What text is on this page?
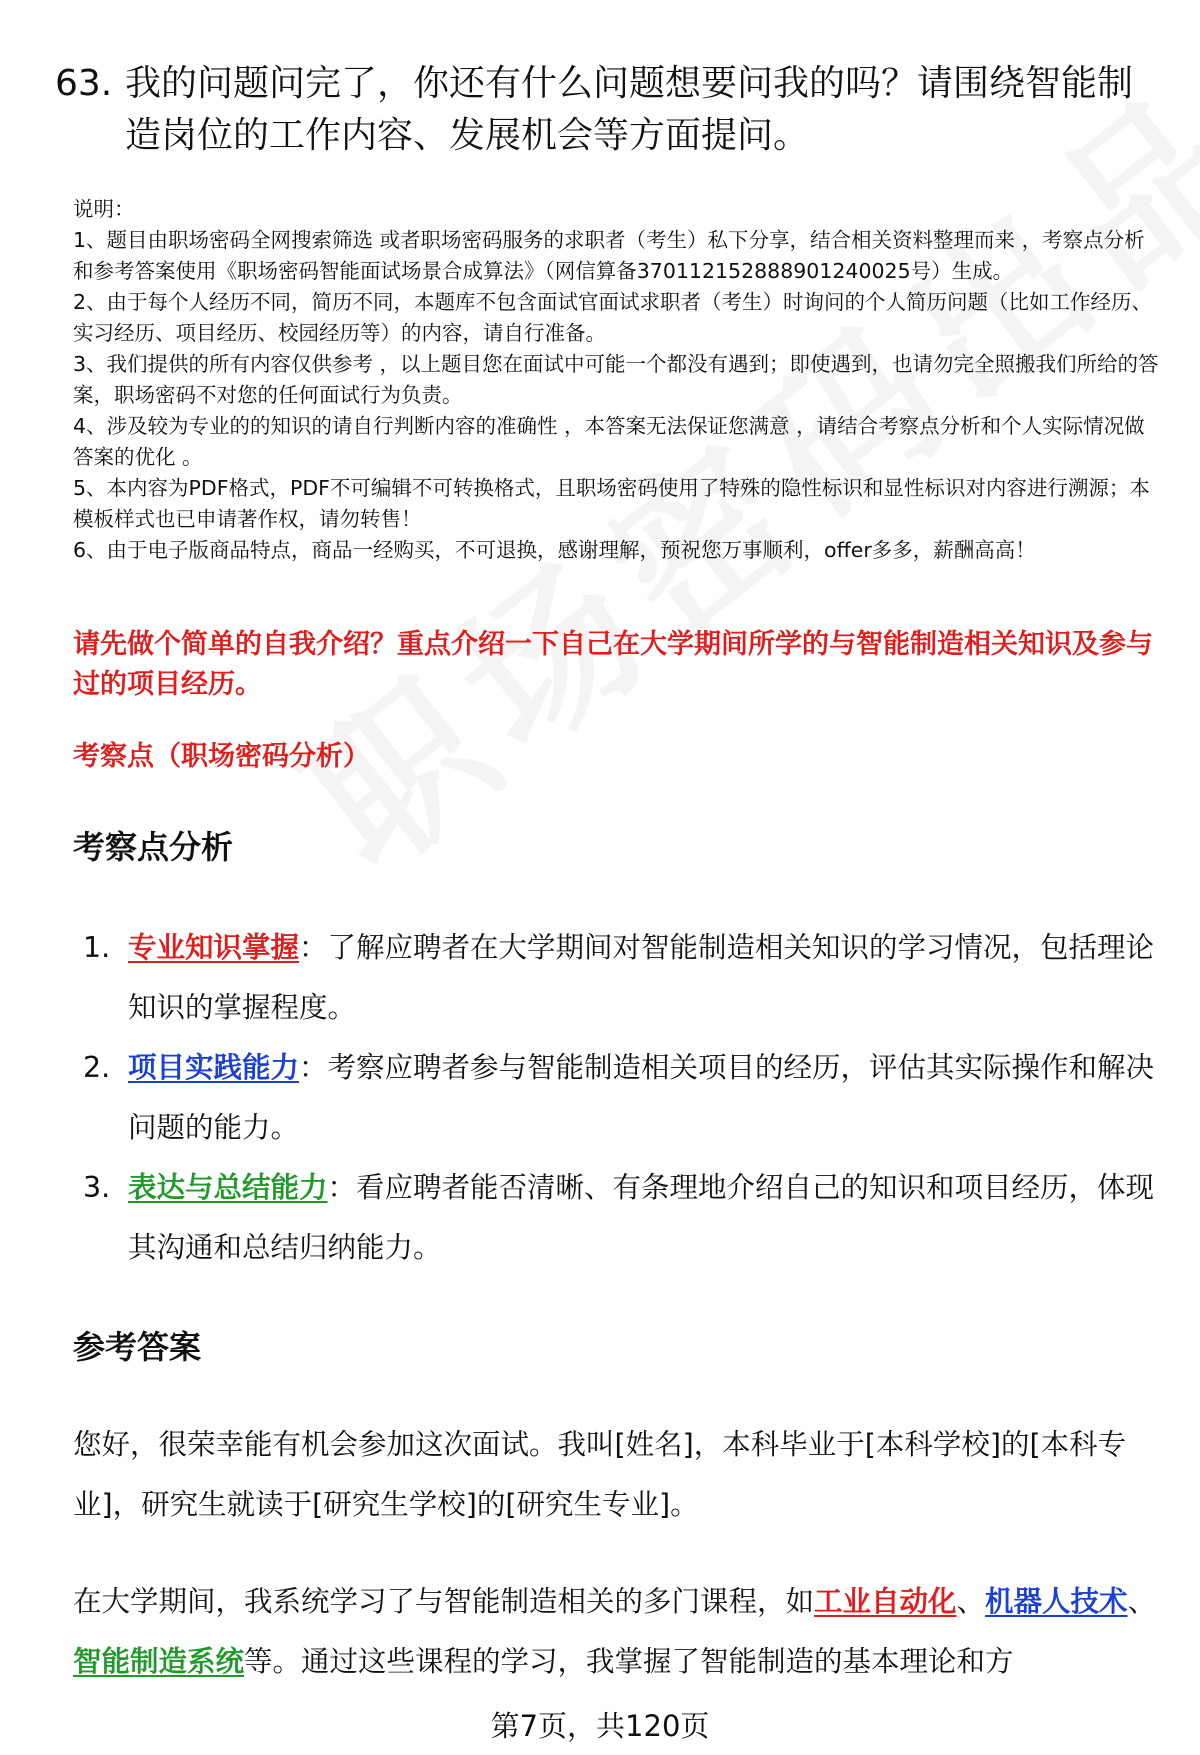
63. 我的问题问完了，你还有什么问题想要问我的吗？请围绕智能制造岗位的工作内容、发展机会等方面提问。

说明：

1、题目由职场密码全网搜索筛选 或者职场密码服务的求职者（考生）私下分享，结合相关资料整理而来 ，考察点分析和参考答案使用《职场密码智能面试场景合成算法》（网信算备370112152888901240025号）生成。

2、由于每个人经历不同，简历不同，本题库不包含面试官面试求职者（考生）时询问的个人简历问题（比如工作经历、实习经历、项目经历、校园经历等）的内容，请自行准备。

3、我们提供的所有内容仅供参考 ，以上题目您在面试中可能一个都没有遇到；即使遇到，也请勿完全照搬我们所给的答案，职场密码不对您的任何面试行为负责。

4、涉及较为专业的的知识的请自行判断内容的准确性 ，本答案无法保证您满意 ，请结合考察点分析和个人实际情况做答案的优化 。

5、本内容为PDF格式，PDF不可编辑不可转换格式，且职场密码使用了特殊的隐性标识和显性标识对内容进行溯源；本模板样式也已申请著作权，请勿转售！

6、由于电子版商品特点，商品一经购买，不可退换，感谢理解，预祝您万事顺利，offer多多，薪酬高高！

请先做个简单的自我介绍？重点介绍一下自己在大学期间所学的与智能制造相关知识及参与过的项目经历。
考察点（职场密码分析）
考察点分析
1. 专业知识掌握：了解应聘者在大学期间对智能制造相关知识的学习情况，包括理论知识的掌握程度。
2. 项目实践能力：考察应聘者参与智能制造相关项目的经历，评估其实际操作和解决问题的能力。
3. 表达与总结能力：看应聘者能否清晰、有条理地介绍自己的知识和项目经历，体现其沟通和总结归纳能力。
参考答案
您好，很荣幸能有机会参加这次面试。我叫[姓名]，本科毕业于[本科学校]的[本科专业]，研究生就读于[研究生学校]的[研究生专业]。
在大学期间，我系统学习了与智能制造相关的多门课程，如工业自动化、机器人技术、智能制造系统等。通过这些课程的学习，我掌握了智能制造的基本理论和方
第7页，共120页
